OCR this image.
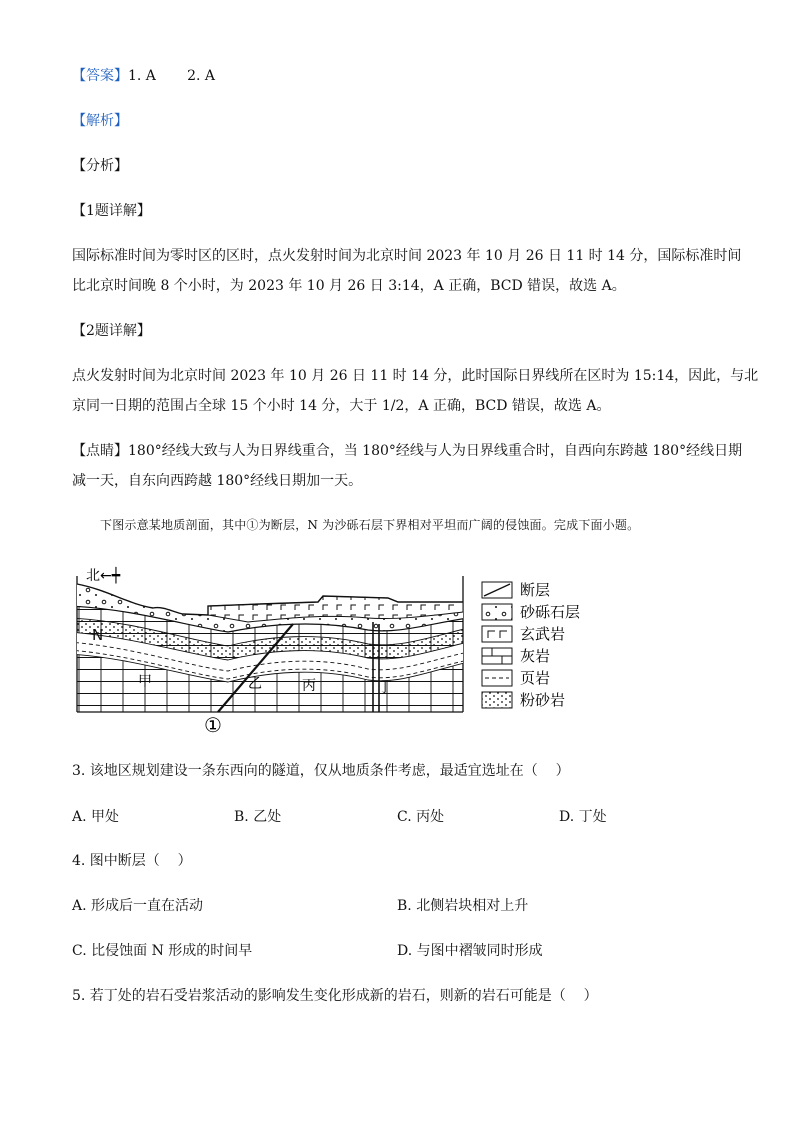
【答案】1. A       2. A
【解析】
【分析】
【1题详解】
国际标准时间为零时区的区时，点火发射时间为北京时间 2023 年 10 月 26 日 11 时 14 分，国际标准时间
比北京时间晚 8 个小时，为 2023 年 10 月 26 日 3:14，A 正确，BCD 错误，故选 A。
【2题详解】
点火发射时间为北京时间 2023 年 10 月 26 日 11 时 14 分，此时国际日界线所在区时为 15:14，因此，与北
京同一日期的范围占全球 15 个小时 14 分，大于 1/2，A 正确，BCD 错误，故选 A。
【点睛】180°经线大致与人为日界线重合，当 180°经线与人为日界线重合时，自西向东跨越 180°经线日期
减一天，自东向西跨越 180°经线日期加一天。
下图示意某地质剖面，其中①为断层，N 为沙砾石层下界相对平坦而广阔的侵蚀面。完成下面小题。
北←┿
N
甲	乙	丙	丁
①
断层
砂砾石层
玄武岩
灰岩
页岩
粉砂岩
3. 该地区规划建设一条东西向的隧道，仅从地质条件考虑，最适宜选址在（    ）
A. 甲处	B. 乙处	C. 丙处	D. 丁处
4. 图中断层（    ）
A. 形成后一直在活动	B. 北侧岩块相对上升
C. 比侵蚀面 N 形成的时间早	D. 与图中褶皱同时形成
5. 若丁处的岩石受岩浆活动的影响发生变化形成新的岩石，则新的岩石可能是（    ）
